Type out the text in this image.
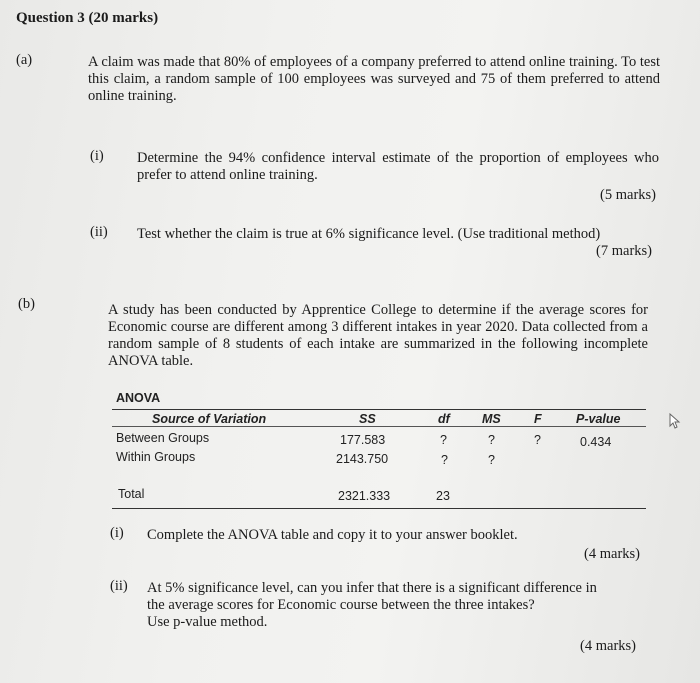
Question 3 (20 marks)
(a)	A claim was made that 80% of employees of a company preferred to attend online training. To test this claim, a random sample of 100 employees was surveyed and 75 of them preferred to attend online training.
(i) Determine the 94% confidence interval estimate of the proportion of employees who prefer to attend online training.
(5 marks)
(ii) Test whether the claim is true at 6% significance level. (Use traditional method)
(7 marks)
(b)	A study has been conducted by Apprentice College to determine if the average scores for Economic course are different among 3 different intakes in year 2020. Data collected from a random sample of 8 students of each intake are summarized in the following incomplete ANOVA table.
ANOVA
Source of Variation	SS	df	MS	F	P-value
Between Groups	177.583	?	?	?	0.434
Within Groups	2143.750	?	?
Total	2321.333	23
(i) Complete the ANOVA table and copy it to your answer booklet.
(4 marks)
(ii) At 5% significance level, can you infer that there is a significant difference in
the average scores for Economic course between the three intakes?
Use p-value method.
(4 marks)
